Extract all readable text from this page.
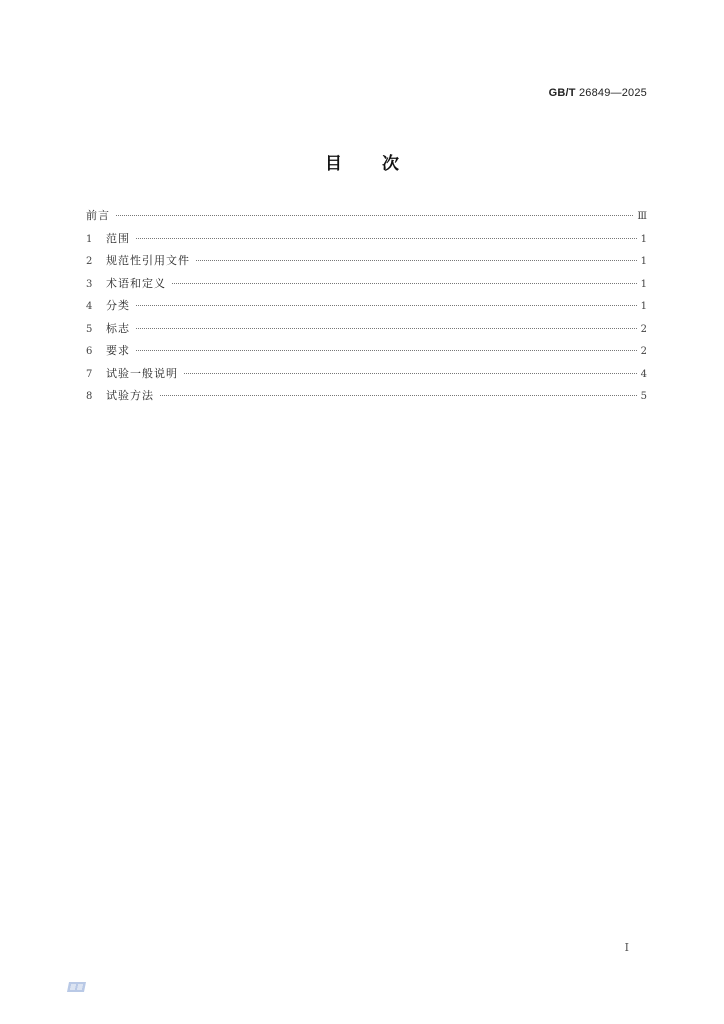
GB/T 26849—2025
目 次
前言	Ⅲ
1	范围	1
2	规范性引用文件	1
3	术语和定义	1
4	分类	1
5	标志	2
6	要求	2
7	试验一般说明	4
8	试验方法	5
I
